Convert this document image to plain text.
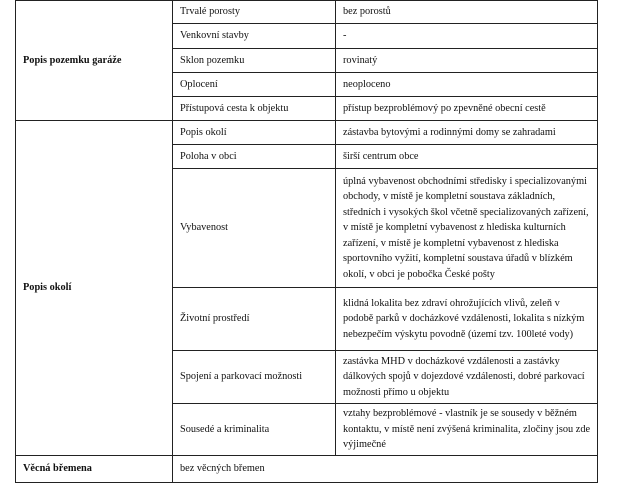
Popis pozemku garáže	Trvalé porosty	bez porostů
	Venkovní stavby	-
	Sklon pozemku	rovinatý
	Oplocení	neoploceno
	Přístupová cesta k objektu	přístup bezproblémový po zpevněné obecní cestě
Popis okolí	Popis okolí	zástavba bytovými a rodinnými domy se zahradami
	Poloha v obci	širší centrum obce
	Vybavenost	úplná vybavenost obchodními středisky i specializovanými obchody, v místě je kompletní soustava základních, středních i vysokých škol včetně specializovaných zařízení, v místě je kompletní vybavenost z hlediska kulturních zařízení, v místě je kompletní vybavenost z hlediska sportovního vyžití, kompletní soustava úřadů v blízkém okolí, v obci je pobočka České pošty
	Životní prostředí	klidná lokalita bez zdraví ohrožujících vlivů, zeleň v podobě parků v docházkové vzdálenosti, lokalita s nízkým nebezpečím výskytu povodně (území tzv. 100leté vody)
	Spojení a parkovací možnosti	zastávka MHD v docházkové vzdálenosti a zastávky dálkových spojů v dojezdové vzdálenosti, dobré parkovací možnosti přímo u objektu
	Sousedé a kriminalita	vztahy bezproblémové - vlastník je se sousedy v běžném kontaktu, v místě není zvýšená kriminalita, zločiny jsou zde výjimečné
Věcná břemena	bez věcných břemen	
